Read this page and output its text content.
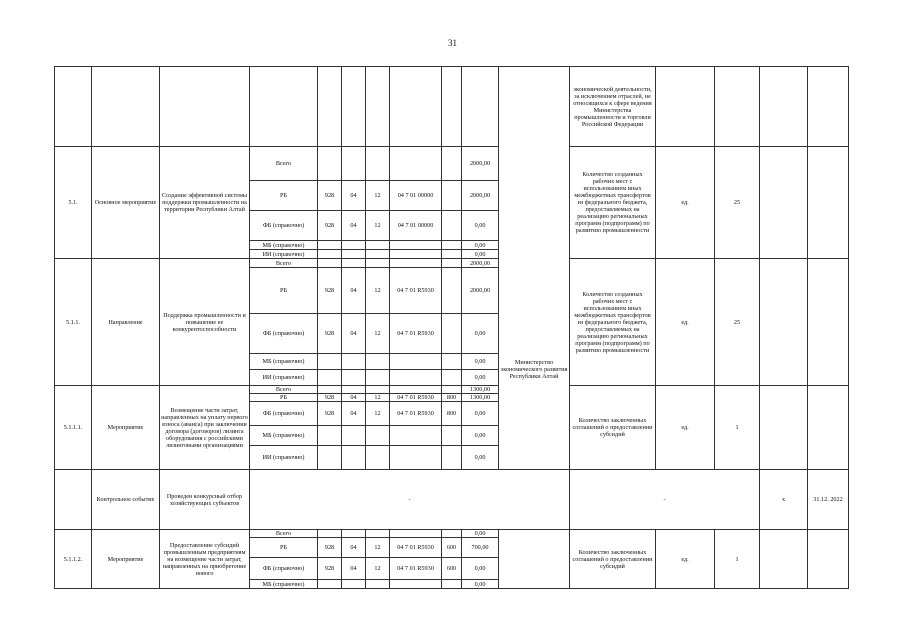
31
											экономической деятельности, за исключением отраслей, не относящихся к сфере ведения Министерства промышленности и торговли Российской Федерации				
5.1.	Основное мероприятие	Создание эффективной системы поддержки промышленности на территории Республики Алтай	Всего						2000,00		Количество созданных рабочих мест с использованием иных межбюджетных трансфертов из федерального бюджета, предоставляемых на реализацию региональных программ (подпрограмм) по развитию промышленности	ед.	25		
			РБ	928	04	12	04 7 01 00000		2000,00						
			ФБ (справочно)	928	04	12	04 7 01 00000		0,00						
			МБ (справочно)						0,00						
			ИИ (справочно)						0,00						
5.1.1.	Направление	Поддержка промышленности и повышение ее конкурентоспособности	Всего						2000,00		Количество созданных рабочих мест с использованием иных межбюджетных трансфертов из федерального бюджета, предоставляемых на реализацию региональных программ (подпрограмм) по развитию промышленности	ед.	25		
			РБ	928	04	12	04 7 01 R5930		2000,00						
			ФБ (справочно)	928	04	12	04 7 01 R5930		0,00						
			МБ (справочно)						0,00	Министерство экономического развития Республики Алтай					
			ИИ (справочно)						0,00						
5.1.1.1.	Мероприятие	Возмещение части затрат, направленных на уплату первого взноса (аванса) при заключении договора (договоров) лизинга оборудования с российскими лизинговыми организациями	Всего						1300,00		Количество заключенных соглашений о предоставлении субсидий	ед.	1		
			РБ	928	04	12	04 7 01 R5930	800	1300,00						
			ФБ (справочно)	928	04	12	04 7 01 R5930	800	0,00						
			МБ (справочно)						0,00						
			ИИ (справочно)						0,00						
	Контрольное событие	Проведен конкурсный отбор хозяйствующих субъектов	-								-			x	31.12. 2022
5.1.1.2.	Мероприятие	Предоставление субсидий промышленным предприятиям на возмещение части затрат, направленных на приобретение нового	Всего						0,00		Количество заключенных соглашений о предоставлении субсидий	ед.	1		
			РБ	928	04	12	04 7 01 R5930	600	700,00						
			ФБ (справочно)	928	04	12	04 7 01 R5930	600	0,00						
			МБ (справочно)						0,00						
